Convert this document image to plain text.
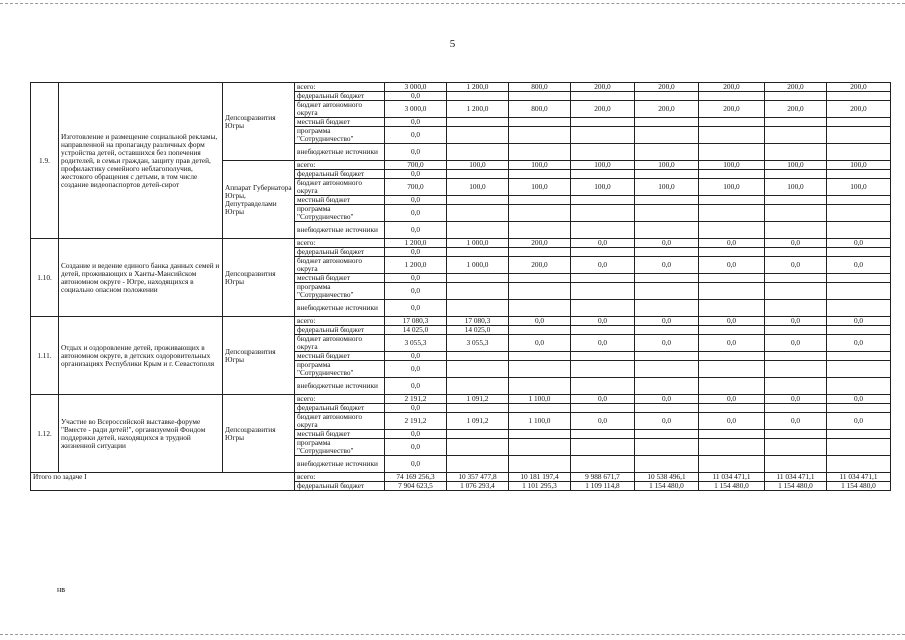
5
1.9.	Изготовление и размещение социальной рекламы, направленной на пропаганду различных форм устройства детей, оставшихся без попечения родителей, в семьи граждан, защиту прав детей, профилактику семейного неблагополучия, жестокого обращения с детьми, в том числе создание видеопаспортов детей-сирот	Депсоцразвития Югры	всего:	3 000,0	1 200,0	800,0	200,0	200,0	200,0	200,0	200,0
			федеральный бюджет	0,0							
			бюджет автономного округа	3 000,0	1 200,0	800,0	200,0	200,0	200,0	200,0	200,0
			местный бюджет	0,0							
			программа "Сотрудничество"	0,0							
			внебюджетные источники	0,0							
		Аппарат Губернатора Югры, Депутравделами Югры	всего:	700,0	100,0	100,0	100,0	100,0	100,0	100,0	100,0
			федеральный бюджет	0,0							
			бюджет автономного округа	700,0	100,0	100,0	100,0	100,0	100,0	100,0	100,0
			местный бюджет	0,0							
			программа "Сотрудничество"	0,0							
			внебюджетные источники	0,0							
1.10.	Создание и ведение единого банка данных семей и детей, проживающих в Ханты-Мансийском автономном округе - Югре, находящихся в социально опасном положении	Депсоцразвития Югры	всего:	1 200,0	1 000,0	200,0	0,0	0,0	0,0	0,0	0,0
			федеральный бюджет	0,0							
			бюджет автономного округа	1 200,0	1 000,0	200,0	0,0	0,0	0,0	0,0	0,0
			местный бюджет	0,0							
			программа "Сотрудничество"	0,0							
			внебюджетные источники	0,0							
1.11.	Отдых и оздоровление детей, проживающих в автономном округе, в детских оздоровительных организациях Республики Крым и г. Севастополя	Депсоцразвития Югры	всего:	17 080,3	17 080,3	0,0	0,0	0,0	0,0	0,0	0,0
			федеральный бюджет	14 025,0	14 025,0						
			бюджет автономного округа	3 055,3	3 055,3	0,0	0,0	0,0	0,0	0,0	0,0
			местный бюджет	0,0							
			программа "Сотрудничество"	0,0							
			внебюджетные источники	0,0							
1.12.	Участие во Всероссийской выставке-форуме "Вместе - ради детей!", организуемой Фондом поддержки детей, находящихся в трудной жизненной ситуации	Депсоцразвития Югры	всего:	2 191,2	1 091,2	1 100,0	0,0	0,0	0,0	0,0	0,0
			федеральный бюджет	0,0							
			бюджет автономного округа	2 191,2	1 091,2	1 100,0	0,0	0,0	0,0	0,0	0,0
			местный бюджет	0,0							
			программа "Сотрудничество"	0,0							
			внебюджетные источники	0,0							
Итого по задаче I			всего:	74 169 256,3	10 357 477,8	10 181 197,4	9 988 671,7	10 538 496,1	11 034 471,1	11 034 471,1	11 034 471,1
			федеральный бюджет	7 904 623,5	1 076 293,4	1 101 295,3	1 109 114,8	1 154 480,0	1 154 480,0	1 154 480,0	1 154 480,0
нв
